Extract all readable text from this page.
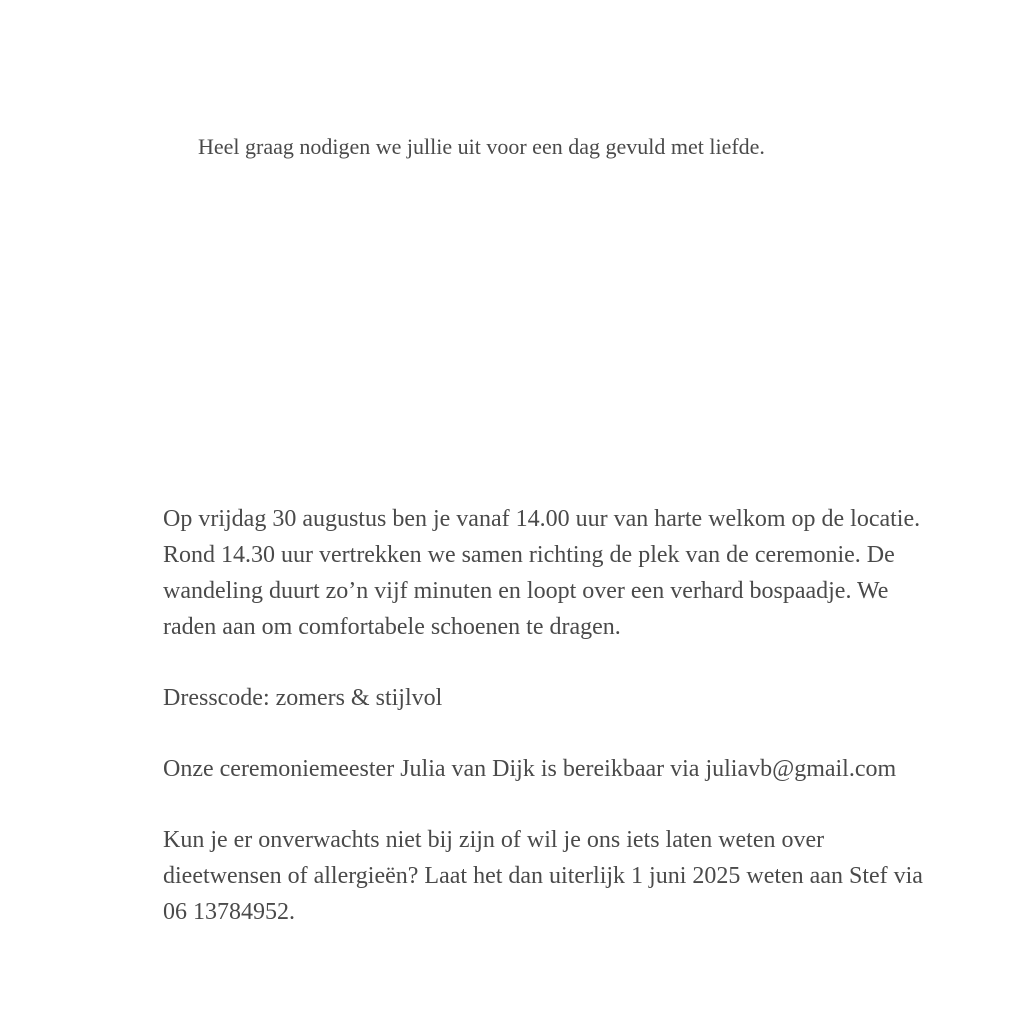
Heel graag nodigen we jullie uit voor een dag gevuld met liefde.

Op vrijdag 30 augustus ben je vanaf 14.00 uur van harte welkom op de locatie. Rond 14.30 uur vertrekken we samen richting de plek van de ceremonie. De wandeling duurt zo’n vijf minuten en loopt over een verhard bospaadje. We raden aan om comfortabele schoenen te dragen.

Dresscode: zomers & stijlvol

Onze ceremoniemeester Julia van Dijk is bereikbaar via juliavb@gmail.com

Kun je er onverwachts niet bij zijn of wil je ons iets laten weten over dieetwensen of allergieën? Laat het dan uiterlijk 1 juni 2025 weten aan Stef via 06 13784952.
